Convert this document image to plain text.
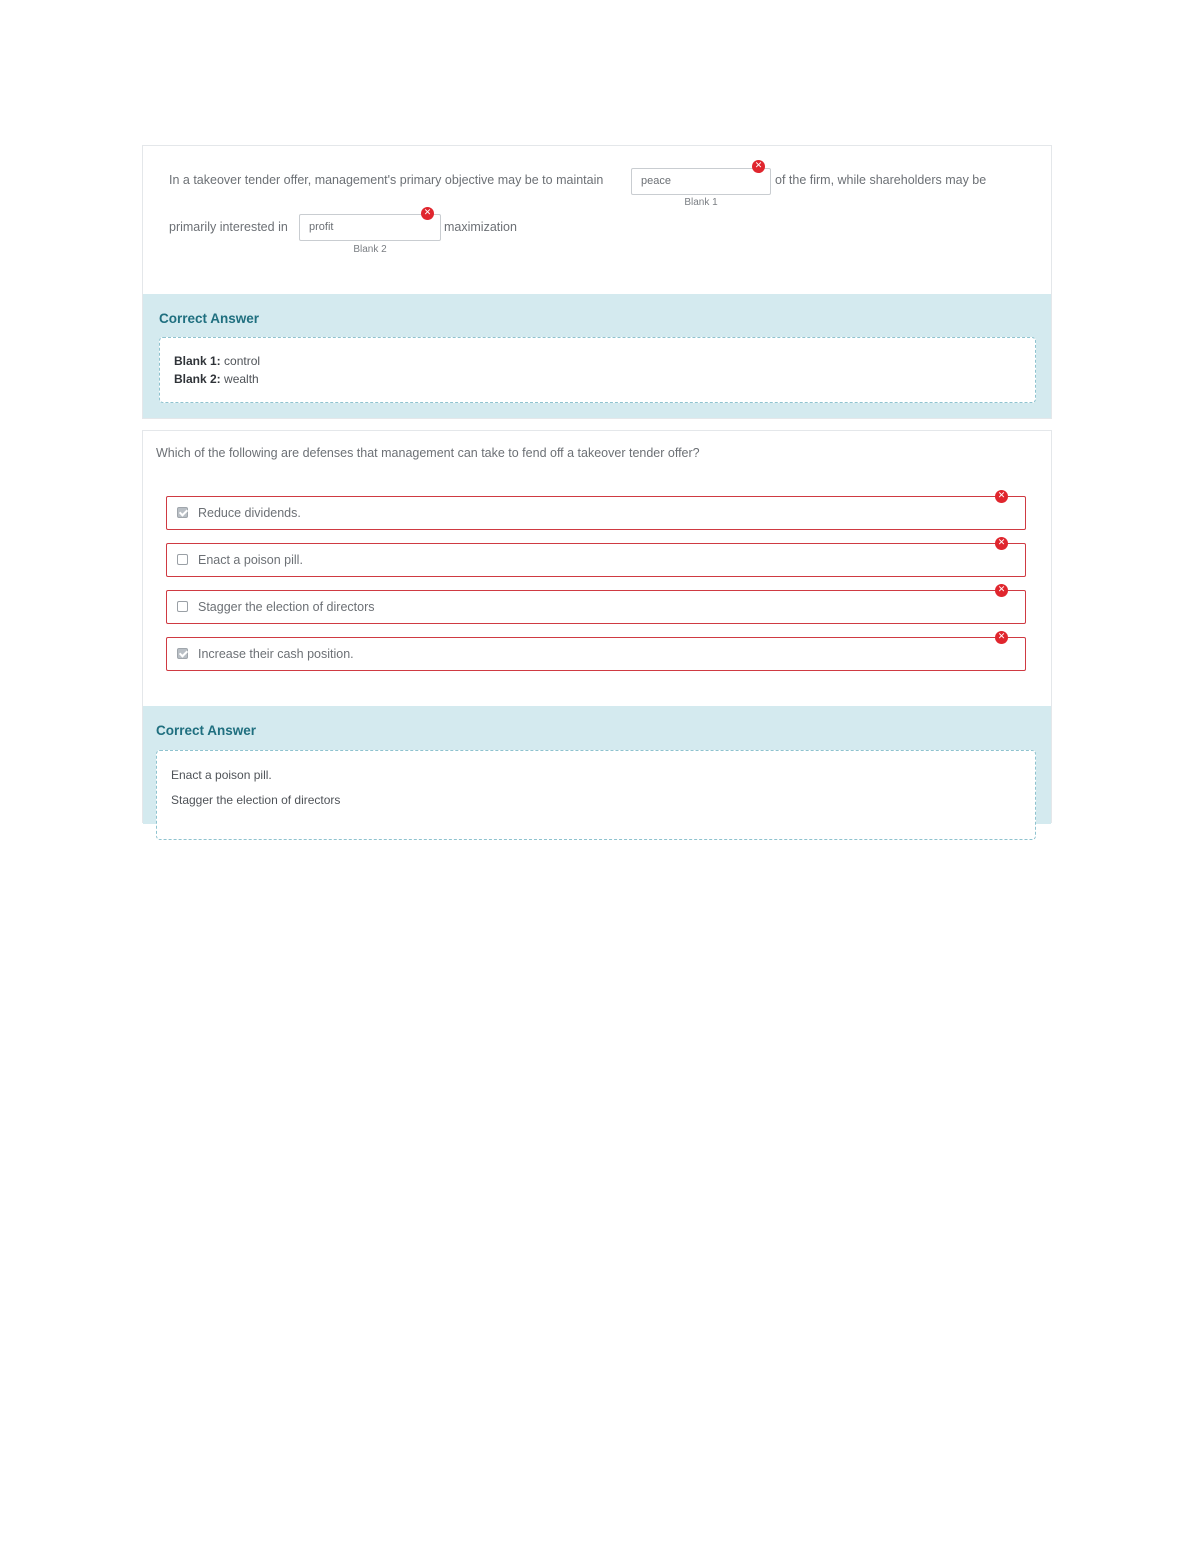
In a takeover tender offer, management's primary objective may be to maintain	peace
✕
Blank 1
of the firm, while shareholders may be
primarily interested in	profit
✕
Blank 2
maximization
Correct Answer
Blank 1: control
Blank 2: wealth
Which of the following are defenses that management can take to fend off a takeover tender offer?
Reduce dividends.
✕
Enact a poison pill.
✕
Stagger the election of directors
✕
Increase their cash position.
✕
Correct Answer
Enact a poison pill.
Stagger the election of directors
